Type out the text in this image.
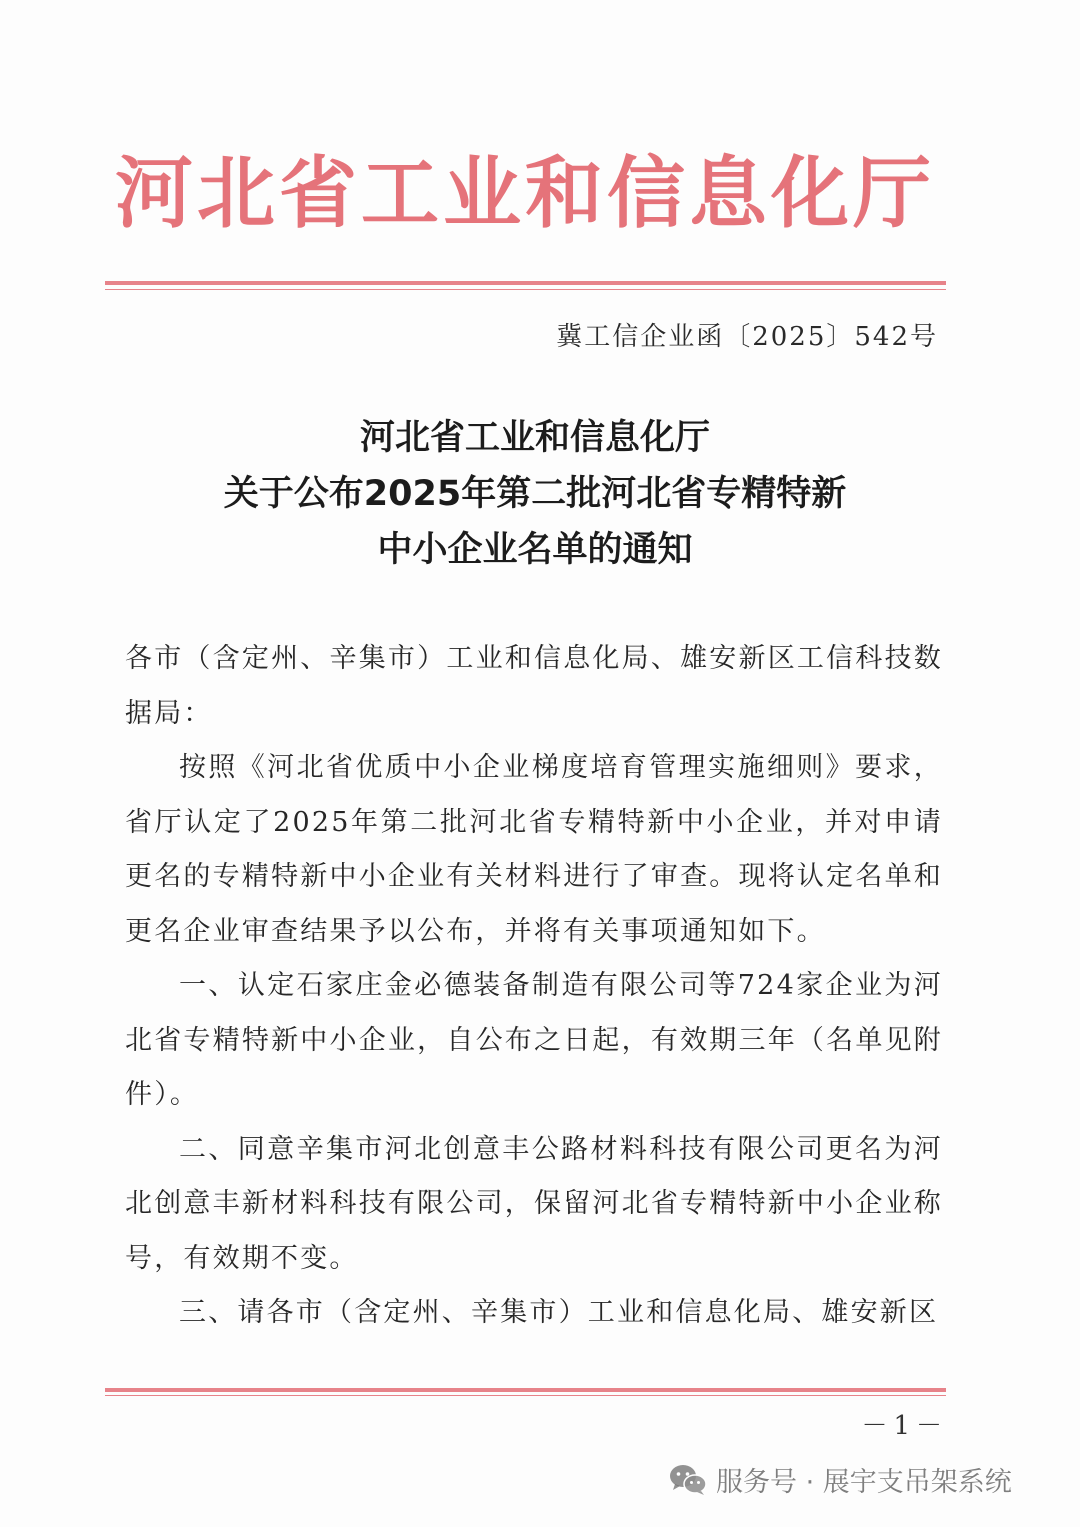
河北省工业和信息化厅
冀工信企业函〔2025〕542号
河北省工业和信息化厅
关于公布2025年第二批河北省专精特新
中小企业名单的通知

各市（含定州、辛集市）工业和信息化局、雄安新区工信科技数据局：

按照《河北省优质中小企业梯度培育管理实施细则》要求，省厅认定了2025年第二批河北省专精特新中小企业，并对申请更名的专精特新中小企业有关材料进行了审查。现将认定名单和更名企业审查结果予以公布，并将有关事项通知如下。

一、认定石家庄金必德装备制造有限公司等724家企业为河北省专精特新中小企业，自公布之日起，有效期三年（名单见附件）。

二、同意辛集市河北创意丰公路材料科技有限公司更名为河北创意丰新材料科技有限公司，保留河北省专精特新中小企业称号，有效期不变。

三、请各市（含定州、辛集市）工业和信息化局、雄安新区

－1－
服务号 · 展宇支吊架系统
